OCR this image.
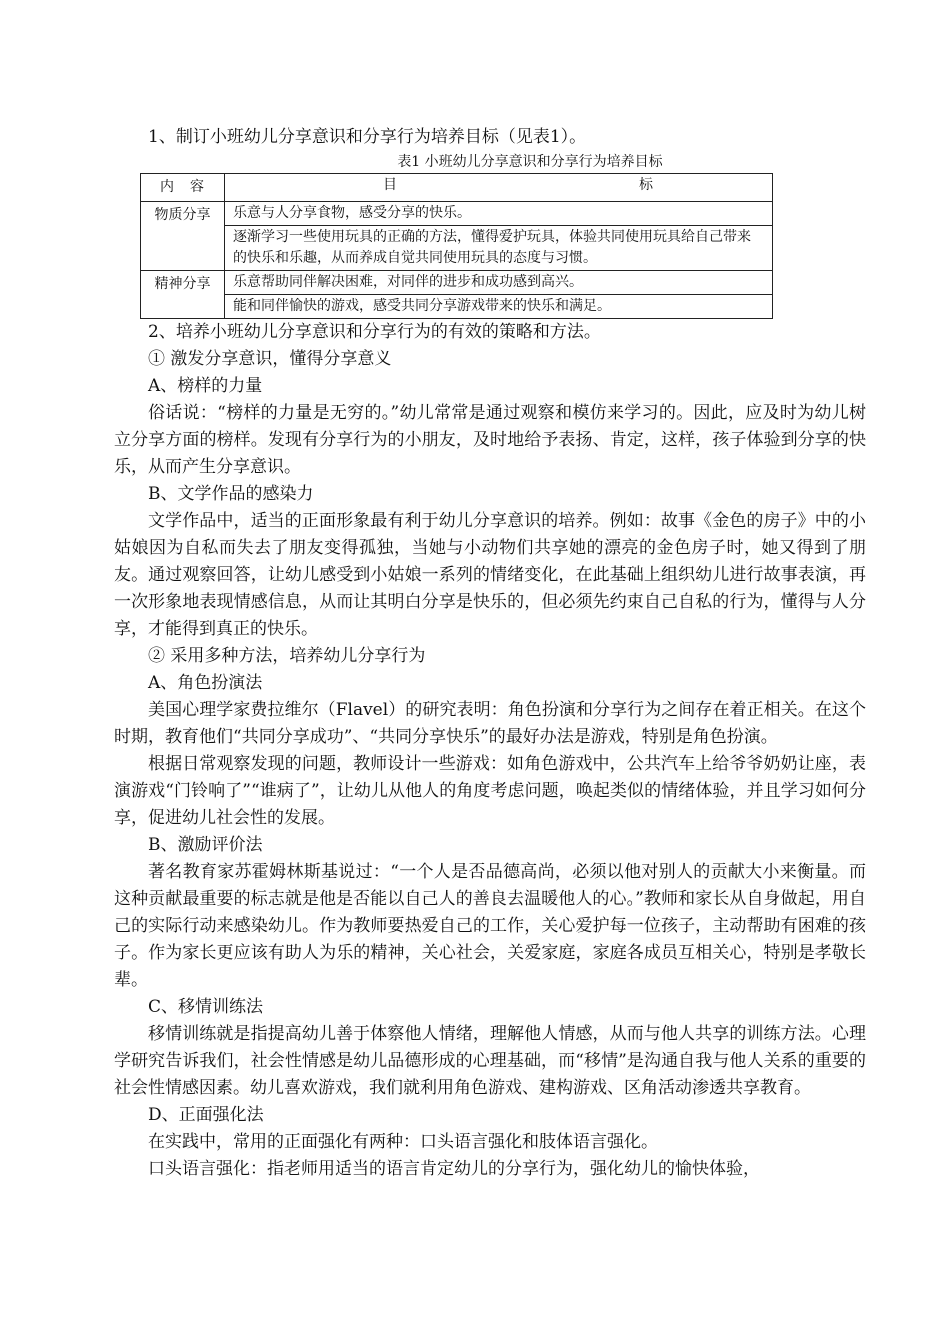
1、制订小班幼儿分享意识和分享行为培养目标（见表1）。

表1 小班幼儿分享意识和分享行为培养目标

内　容	目 标

物质分享	乐意与人分享食物，感受分享的快乐。
	逐渐学习一些使用玩具的正确的方法，懂得爱护玩具，体验共同使用玩具给自己带来的快乐和乐趣，从而养成自觉共同使用玩具的态度与习惯。
精神分享	乐意帮助同伴解决困难，对同伴的进步和成功感到高兴。
	能和同伴愉快的游戏，感受共同分享游戏带来的快乐和满足。

2、培养小班幼儿分享意识和分享行为的有效的策略和方法。

① 激发分享意识，懂得分享意义

A、榜样的力量

俗话说：“榜样的力量是无穷的。”幼儿常常是通过观察和模仿来学习的。因此，应及时为幼儿树立分享方面的榜样。发现有分享行为的小朋友，及时地给予表扬、肯定，这样，孩子体验到分享的快乐，从而产生分享意识。

B、文学作品的感染力

文学作品中，适当的正面形象最有利于幼儿分享意识的培养。例如：故事《金色的房子》中的小姑娘因为自私而失去了朋友变得孤独，当她与小动物们共享她的漂亮的金色房子时，她又得到了朋友。通过观察回答，让幼儿感受到小姑娘一系列的情绪变化，在此基础上组织幼儿进行故事表演，再一次形象地表现情感信息，从而让其明白分享是快乐的，但必须先约束自己自私的行为，懂得与人分享，才能得到真正的快乐。

② 采用多种方法，培养幼儿分享行为

A、角色扮演法

美国心理学家费拉维尔（Flavel）的研究表明：角色扮演和分享行为之间存在着正相关。在这个时期，教育他们“共同分享成功”、“共同分享快乐”的最好办法是游戏，特别是角色扮演。

根据日常观察发现的问题，教师设计一些游戏：如角色游戏中，公共汽车上给爷爷奶奶让座，表演游戏“门铃响了”“谁病了”，让幼儿从他人的角度考虑问题，唤起类似的情绪体验，并且学习如何分享，促进幼儿社会性的发展。

B、激励评价法

著名教育家苏霍姆林斯基说过：“一个人是否品德高尚，必须以他对别人的贡献大小来衡量。而这种贡献最重要的标志就是他是否能以自己人的善良去温暖他人的心。”教师和家长从自身做起，用自己的实际行动来感染幼儿。作为教师要热爱自己的工作，关心爱护每一位孩子，主动帮助有困难的孩子。作为家长更应该有助人为乐的精神，关心社会，关爱家庭，家庭各成员互相关心，特别是孝敬长辈。

C、移情训练法

移情训练就是指提高幼儿善于体察他人情绪，理解他人情感，从而与他人共享的训练方法。心理学研究告诉我们，社会性情感是幼儿品德形成的心理基础，而“移情”是沟通自我与他人关系的重要的社会性情感因素。幼儿喜欢游戏，我们就利用角色游戏、建构游戏、区角活动渗透共享教育。

D、正面强化法

在实践中，常用的正面强化有两种：口头语言强化和肢体语言强化。

口头语言强化：指老师用适当的语言肯定幼儿的分享行为，强化幼儿的愉快体验，
